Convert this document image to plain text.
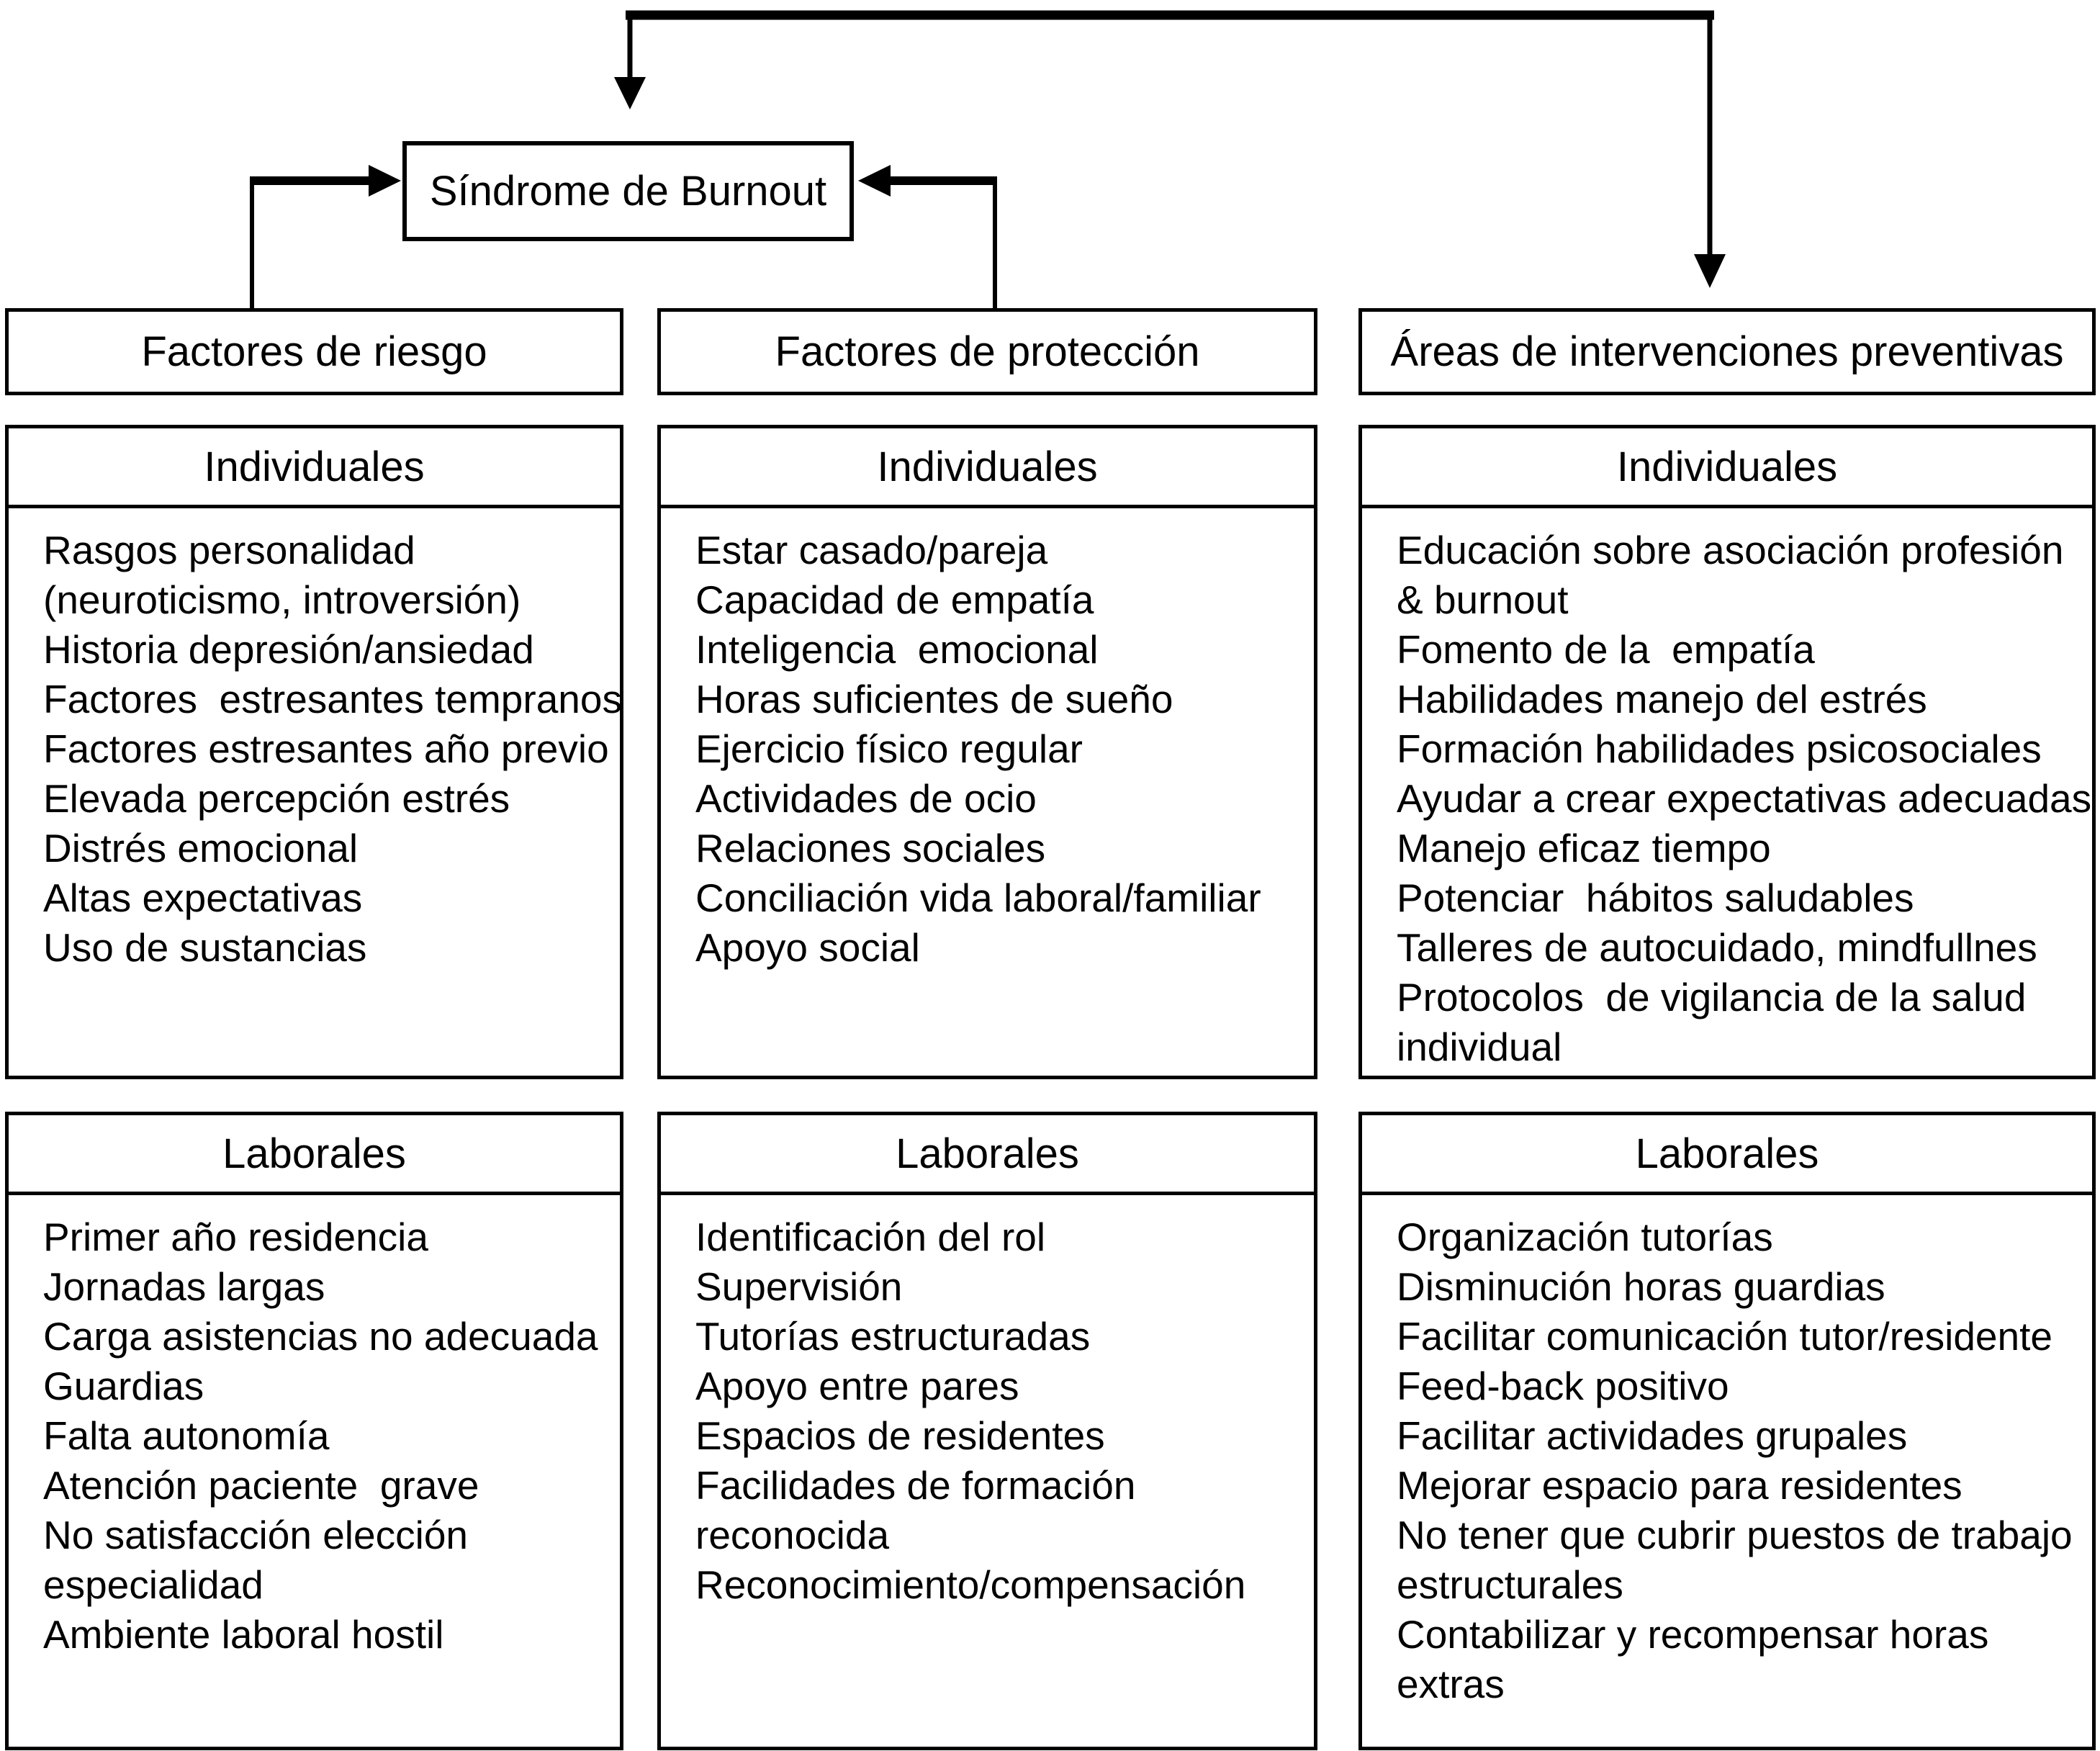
Síndrome de Burnout
Factores de riesgo	Factores de protección	Áreas de intervenciones preventivas
Individuales
Rasgos personalidad
(neuroticismo, introversión)
Historia depresión/ansiedad
Factores  estresantes tempranos
Factores estresantes año previo
Elevada percepción estrés
Distrés emocional
Altas expectativas
Uso de sustancias
Individuales
Estar casado/pareja
Capacidad de empatía
Inteligencia  emocional
Horas suficientes de sueño
Ejercicio físico regular
Actividades de ocio
Relaciones sociales
Conciliación vida laboral/familiar
Apoyo social
Individuales
Educación sobre asociación profesión
& burnout
Fomento de la  empatía
Habilidades manejo del estrés
Formación habilidades psicosociales
Ayudar a crear expectativas adecuadas
Manejo eficaz tiempo
Potenciar  hábitos saludables
Talleres de autocuidado, mindfullnes
Protocolos  de vigilancia de la salud
individual
Laborales
Primer año residencia
Jornadas largas
Carga asistencias no adecuada
Guardias
Falta autonomía
Atención paciente  grave
No satisfacción elección
especialidad
Ambiente laboral hostil
Laborales
Identificación del rol
Supervisión
Tutorías estructuradas
Apoyo entre pares
Espacios de residentes
Facilidades de formación
reconocida
Reconocimiento/compensación
Laborales
Organización tutorías
Disminución horas guardias
Facilitar comunicación tutor/residente
Feed-back positivo
Facilitar actividades grupales
Mejorar espacio para residentes
No tener que cubrir puestos de trabajo
estructurales
Contabilizar y recompensar horas
extras
